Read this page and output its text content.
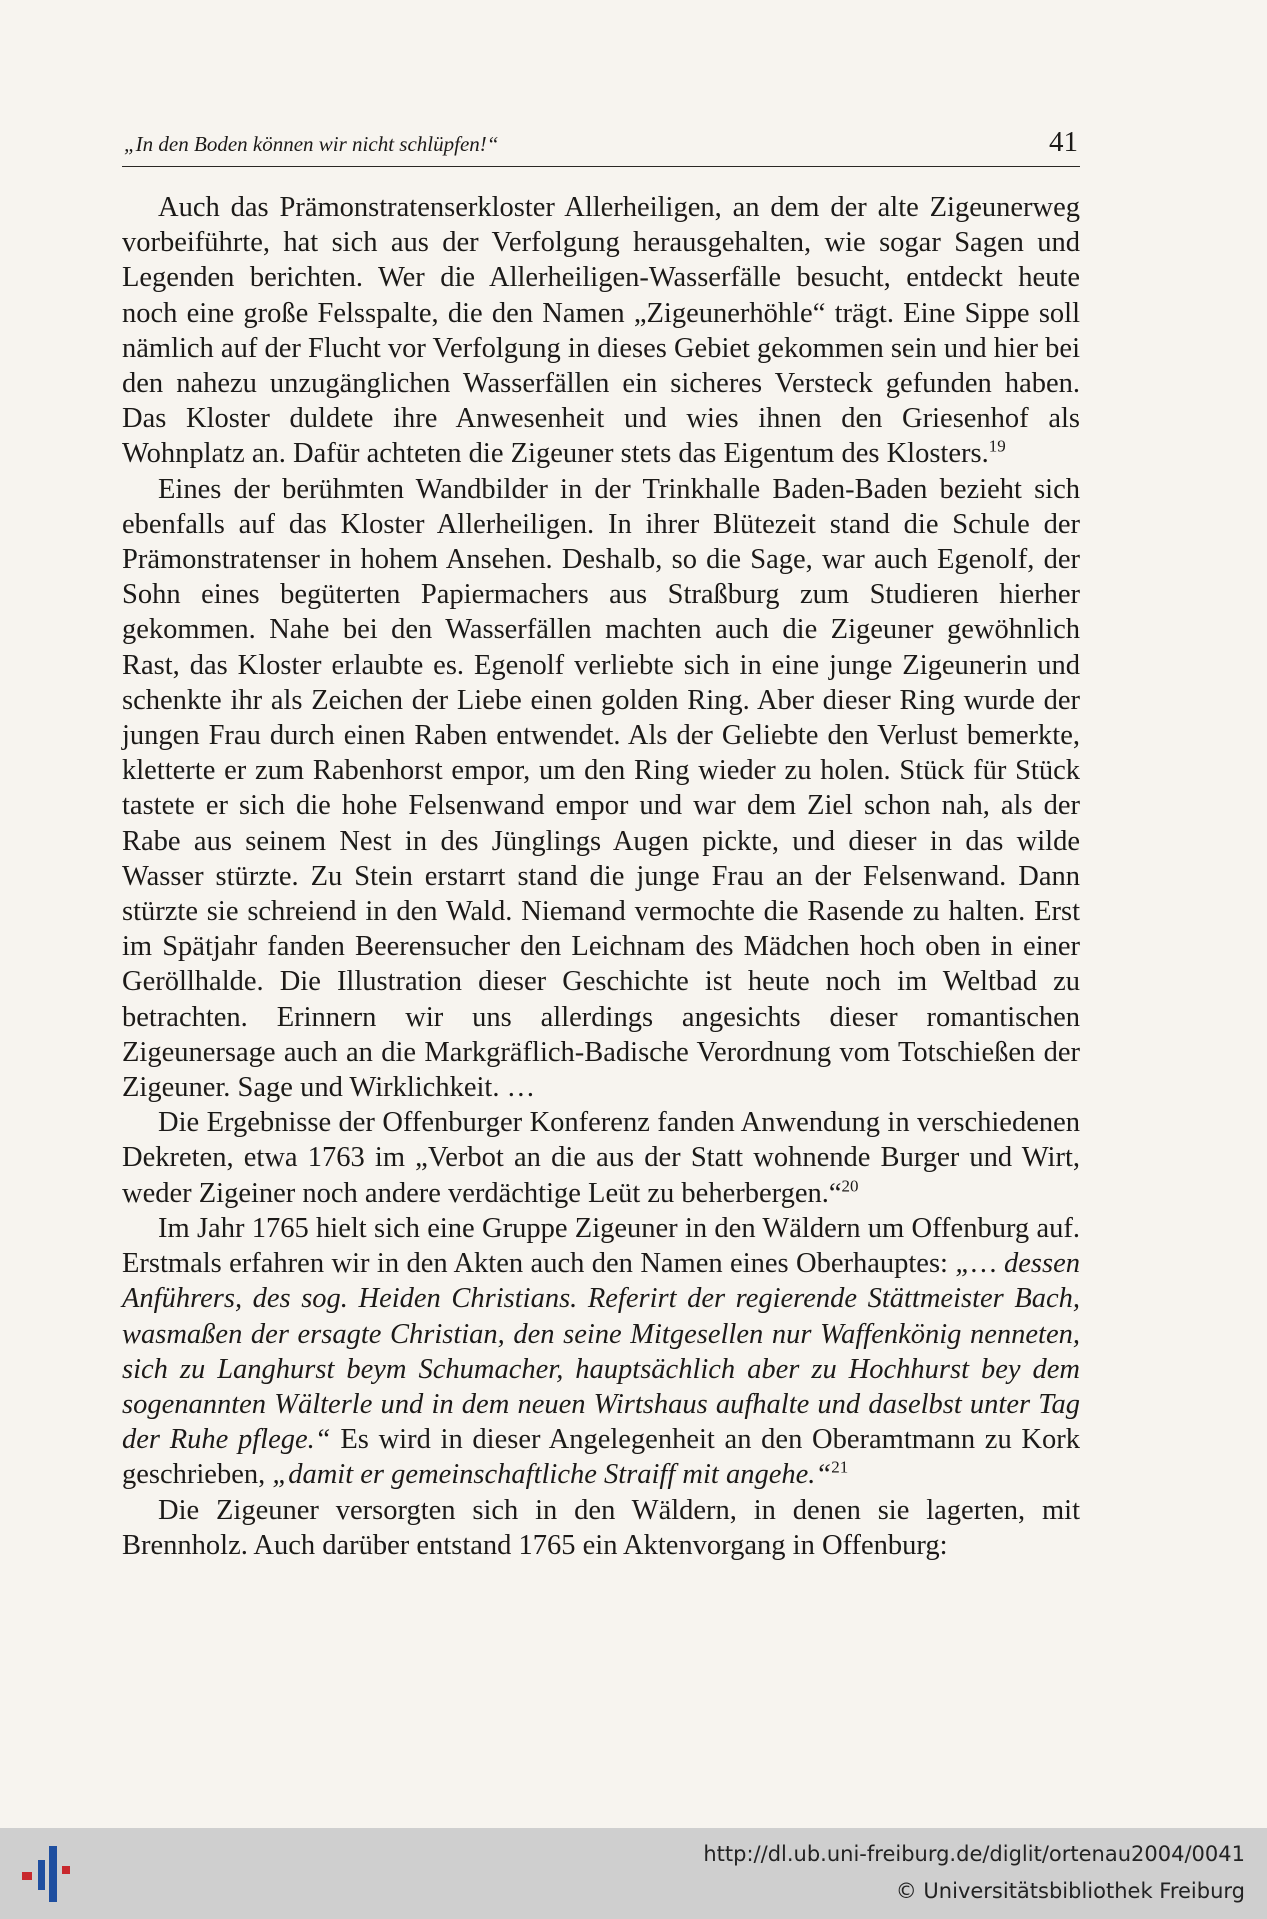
„In den Boden können wir nicht schlüpfen!“	41

Auch das Prämonstratenserkloster Allerheiligen, an dem der alte Zigeunerweg vorbeiführte, hat sich aus der Verfolgung herausgehalten, wie sogar Sagen und Legenden berichten. Wer die Allerheiligen-Wasserfälle besucht, entdeckt heute noch eine große Felsspalte, die den Namen „Zigeunerhöhle“ trägt. Eine Sippe soll nämlich auf der Flucht vor Verfolgung in dieses Gebiet gekommen sein und hier bei den nahezu unzugänglichen Wasserfällen ein sicheres Versteck gefunden haben. Das Kloster duldete ihre Anwesenheit und wies ihnen den Griesenhof als Wohnplatz an. Dafür achteten die Zigeuner stets das Eigentum des Klosters.$^{19}$

Eines der berühmten Wandbilder in der Trinkhalle Baden-Baden bezieht sich ebenfalls auf das Kloster Allerheiligen. In ihrer Blütezeit stand die Schule der Prämonstratenser in hohem Ansehen. Deshalb, so die Sage, war auch Egenolf, der Sohn eines begüterten Papiermachers aus Straßburg zum Studieren hierher gekommen. Nahe bei den Wasserfällen machten auch die Zigeuner gewöhnlich Rast, das Kloster erlaubte es. Egenolf verliebte sich in eine junge Zigeunerin und schenkte ihr als Zeichen der Liebe einen golden Ring. Aber dieser Ring wurde der jungen Frau durch einen Raben entwendet. Als der Geliebte den Verlust bemerkte, kletterte er zum Rabenhorst empor, um den Ring wieder zu holen. Stück für Stück tastete er sich die hohe Felsenwand empor und war dem Ziel schon nah, als der Rabe aus seinem Nest in des Jünglings Augen pickte, und dieser in das wilde Wasser stürzte. Zu Stein erstarrt stand die junge Frau an der Felsenwand. Dann stürzte sie schreiend in den Wald. Niemand vermochte die Rasende zu halten. Erst im Spätjahr fanden Beerensucher den Leichnam des Mädchen hoch oben in einer Geröllhalde. Die Illustration dieser Geschichte ist heute noch im Weltbad zu betrachten. Erinnern wir uns allerdings angesichts dieser romantischen Zigeunersage auch an die Markgräflich-Badische Verordnung vom Totschießen der Zigeuner. Sage und Wirklichkeit. …

Die Ergebnisse der Offenburger Konferenz fanden Anwendung in verschiedenen Dekreten, etwa 1763 im „Verbot an die aus der Statt wohnende Burger und Wirt, weder Zigeiner noch andere verdächtige Leüt zu beherbergen.“$^{20}$

Im Jahr 1765 hielt sich eine Gruppe Zigeuner in den Wäldern um Offenburg auf. Erstmals erfahren wir in den Akten auch den Namen eines Oberhauptes: „… dessen Anführers, des sog. Heiden Christians. Referirt der regierende Stättmeister Bach, wasmaßen der ersagte Christian, den seine Mitgesellen nur Waffenkönig nenneten, sich zu Langhurst beym Schumacher, hauptsächlich aber zu Hochhurst bey dem sogenannten Wälterle und in dem neuen Wirtshaus aufhalte und daselbst unter Tag der Ruhe pflege.“ Es wird in dieser Angelegenheit an den Oberamtmann zu Kork geschrieben, „damit er gemeinschaftliche Straiff mit angehe.“$^{21}$

Die Zigeuner versorgten sich in den Wäldern, in denen sie lagerten, mit Brennholz. Auch darüber entstand 1765 ein Aktenvorgang in Offenburg:

http://dl.ub.uni-freiburg.de/diglit/ortenau2004/0041
© Universitätsbibliothek Freiburg
